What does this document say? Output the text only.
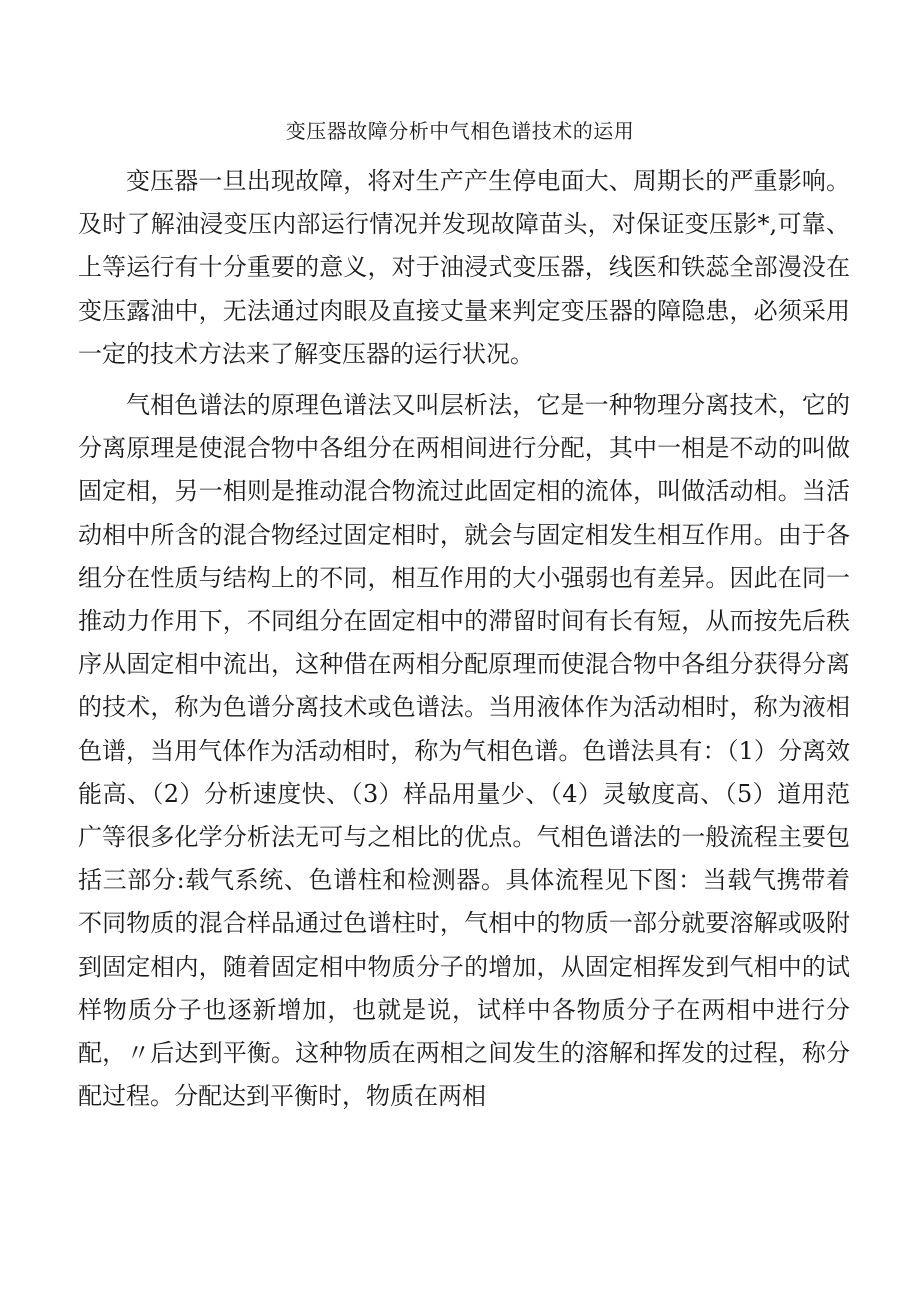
变压器故障分析中气相色谱技术的运用

变压器一旦出现故障，将对生产产生停电面大、周期长的严重影响。及时了解油浸变压内部运行情况并发现故障苗头，对保证变压影*,可靠、上等运行有十分重要的意义，对于油浸式变压器，线医和铁蕊全部漫没在变压露油中，无法通过肉眼及直接丈量来判定变压器的障隐患，必须采用一定的技术方法来了解变压器的运行状况。

气相色谱法的原理色谱法又叫层析法，它是一种物理分离技术，它的分离原理是使混合物中各组分在两相间进行分配，其中一相是不动的叫做固定相，另一相则是推动混合物流过此固定相的流体，叫做活动相。当活动相中所含的混合物经过固定相时，就会与固定相发生相互作用。由于各组分在性质与结构上的不同，相互作用的大小强弱也有差异。因此在同一推动力作用下，不同组分在固定相中的滞留时间有长有短，从而按先后秩序从固定相中流出，这种借在两相分配原理而使混合物中各组分获得分离的技术，称为色谱分离技术或色谱法。当用液体作为活动相时，称为液相色谱，当用气体作为活动相时，称为气相色谱。色谱法具有：（1）分离效能高、（2）分析速度快、（3）样品用量少、（4）灵敏度高、（5）道用范广等很多化学分析法无可与之相比的优点。气相色谱法的一般流程主要包括三部分:载气系统、色谱柱和检测器。具体流程见下图：当载气携带着不同物质的混合样品通过色谱柱时，气相中的物质一部分就要溶解或吸附到固定相内，随着固定相中物质分子的增加，从固定相挥发到气相中的试样物质分子也逐新增加，也就是说，试样中各物质分子在两相中进行分配，〃后达到平衡。这种物质在两相之间发生的溶解和挥发的过程，称分配过程。分配达到平衡时，物质在两相
